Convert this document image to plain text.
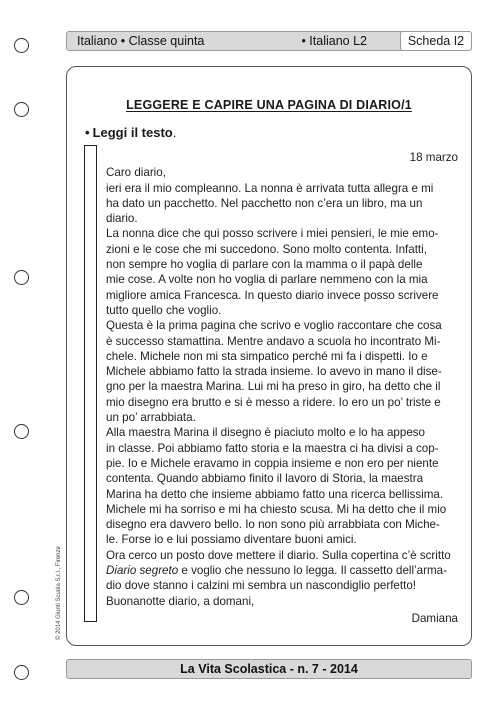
Italiano • Classe quinta	• Italiano L2	Scheda I2
LEGGERE E CAPIRE UNA PAGINA DI DIARIO/1
• Leggi il testo.
18 marzo
Caro diario,
ieri era il mio compleanno. La nonna è arrivata tutta allegra e mi
ha dato un pacchetto. Nel pacchetto non c’era un libro, ma un
diario.
La nonna dice che qui posso scrivere i miei pensieri, le mie emo-
zioni e le cose che mi succedono. Sono molto contenta. Infatti,
non sempre ho voglia di parlare con la mamma o il papà delle
mie cose. A volte non ho voglia di parlare nemmeno con la mia
migliore amica Francesca. In questo diario invece posso scrivere
tutto quello che voglio.
Questa è la prima pagina che scrivo e voglio raccontare che cosa
è successo stamattina. Mentre andavo a scuola ho incontrato Mi-
chele. Michele non mi sta simpatico perché mi fa i dispetti. Io e
Michele abbiamo fatto la strada insieme. Io avevo in mano il dise-
gno per la maestra Marina. Lui mi ha preso in giro, ha detto che il
mio disegno era brutto e si è messo a ridere. Io ero un po’ triste e
un po’ arrabbiata.
Alla maestra Marina il disegno è piaciuto molto e lo ha appeso
in classe. Poi abbiamo fatto storia e la maestra ci ha divisi a cop-
pie. Io e Michele eravamo in coppia insieme e non ero per niente
contenta. Quando abbiamo finito il lavoro di Storia, la maestra
Marina ha detto che insieme abbiamo fatto una ricerca bellissima.
Michele mi ha sorriso e mi ha chiesto scusa. Mi ha detto che il mio
disegno era davvero bello. Io non sono più arrabbiata con Miche-
le. Forse io e lui possiamo diventare buoni amici.
Ora cerco un posto dove mettere il diario. Sulla copertina c’è scritto
Diario segreto e voglio che nessuno lo legga. Il cassetto dell’arma-
dio dove stanno i calzini mi sembra un nascondiglio perfetto!
Buonanotte diario, a domani,
Damiana
La Vita Scolastica - n. 7 - 2014
© 2014 Giunti Scuola S.r.l., Firenze
